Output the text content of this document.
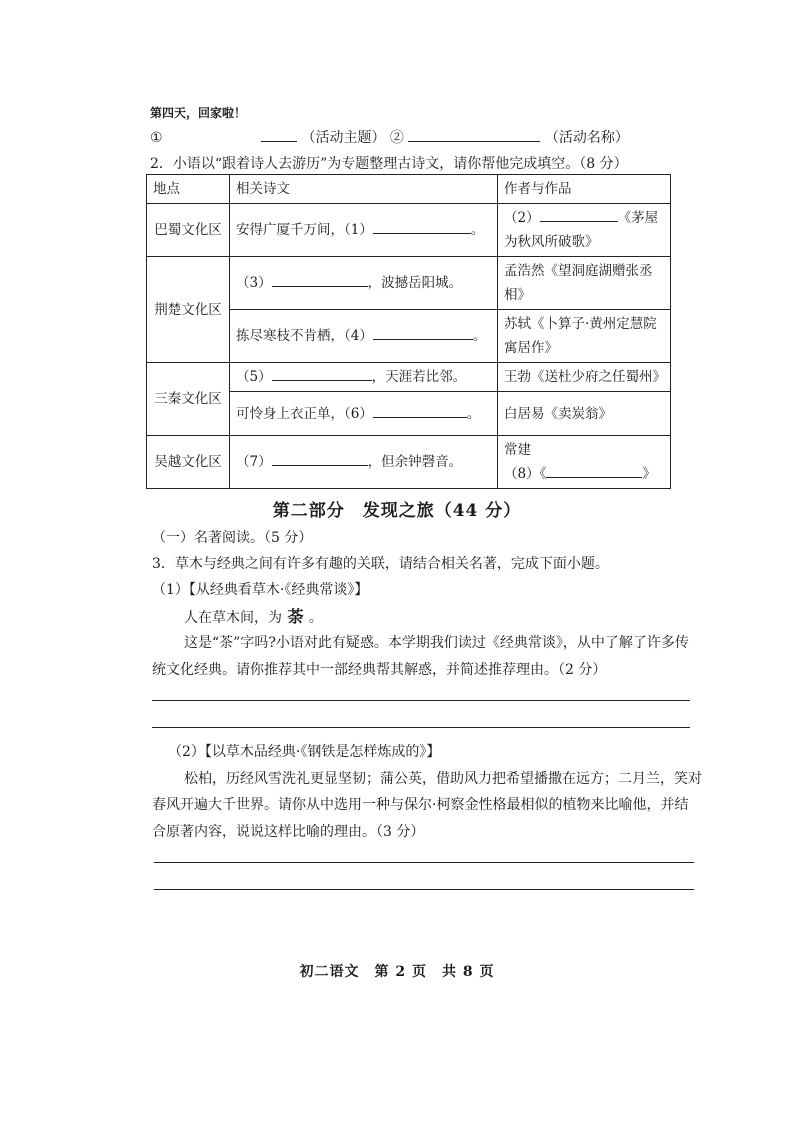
第四天，回家啦！
①	（活动主题） ②	（活动名称）
2．小语以“跟着诗人去游历”为专题整理古诗文，请你帮他完成填空。（8 分）
地点	相关诗文	作者与作品
巴蜀文化区	安得广厦千万间，（1） 。	（2） 《茅屋为秋风所破歌》
荆楚文化区	（3） ，波撼岳阳城。	孟浩然《望洞庭湖赠张丞相》
	拣尽寒枝不肯栖，（4） 。	苏轼《卜算子·黄州定慧院寓居作》
三秦文化区	（5） ，天涯若比邻。	王勃《送杜少府之任蜀州》
	可怜身上衣正单，（6） 。	白居易《卖炭翁》
吴越文化区	（7） ，但余钟磬音。	常建
（8）《 》
第二部分　发现之旅（44 分）
（一）名著阅读。（5 分）
3．草木与经典之间有许多有趣的关联，请结合相关名著，完成下面小题。
（1）【从经典看草木·《经典常谈》】
人在草木间，为 荼 。
这是“茶”字吗?小语对此有疑惑。本学期我们读过《经典常谈》，从中了解了许多传
统文化经典。请你推荐其中一部经典帮其解惑，并简述推荐理由。（2 分）
（2）【以草木品经典·《钢铁是怎样炼成的》】
松柏，历经风雪洗礼更显坚韧；蒲公英，借助风力把希望播撒在远方；二月兰，笑对
春风开遍大千世界。请你从中选用一种与保尔·柯察金性格最相似的植物来比喻他，并结
合原著内容，说说这样比喻的理由。（3 分）
初二语文　第 2 页　共 8 页
